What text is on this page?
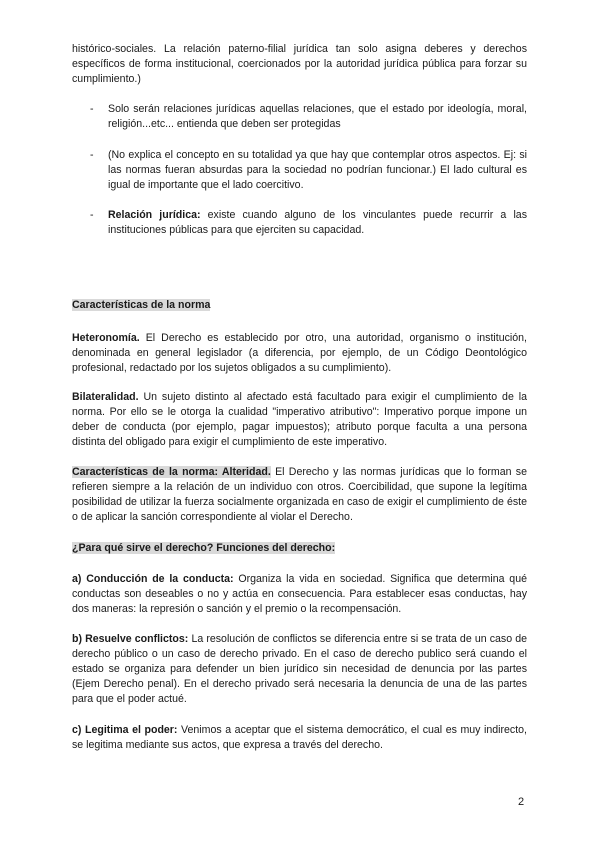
histórico-sociales. La relación paterno-filial jurídica tan solo asigna deberes y derechos específicos de forma institucional, coercionados por la autoridad jurídica pública para forzar su cumplimiento.)

-	Solo serán relaciones jurídicas aquellas relaciones, que el estado por ideología, moral, religión...etc... entienda que deben ser protegidas

-	(No explica el concepto en su totalidad ya que hay que contemplar otros aspectos. Ej: si las normas fueran absurdas para la sociedad no podrían funcionar.) El lado cultural es igual de importante que el lado coercitivo.

-	Relación jurídica: existe cuando alguno de los vinculantes puede recurrir a las instituciones públicas para que ejerciten su capacidad.

Características de la norma

Heteronomía. El Derecho es establecido por otro, una autoridad, organismo o institución, denominada en general legislador (a diferencia, por ejemplo, de un Código Deontológico profesional, redactado por los sujetos obligados a su cumplimiento).

Bilateralidad. Un sujeto distinto al afectado está facultado para exigir el cumplimiento de la norma. Por ello se le otorga la cualidad "imperativo atributivo": Imperativo porque impone un deber de conducta (por ejemplo, pagar impuestos); atributo porque faculta a una persona distinta del obligado para exigir el cumplimiento de este imperativo.

Características de la norma: Alteridad. El Derecho y las normas jurídicas que lo forman se refieren siempre a la relación de un individuo con otros. Coercibilidad, que supone la legítima posibilidad de utilizar la fuerza socialmente organizada en caso de exigir el cumplimiento de éste o de aplicar la sanción correspondiente al violar el Derecho.

¿Para qué sirve el derecho? Funciones del derecho:

a) Conducción de la conducta: Organiza la vida en sociedad. Significa que determina qué conductas son deseables o no y actúa en consecuencia. Para establecer esas conductas, hay dos maneras: la represión o sanción y el premio o la recompensación.

b) Resuelve conflictos: La resolución de conflictos se diferencia entre si se trata de un caso de derecho público o un caso de derecho privado. En el caso de derecho publico será cuando el estado se organiza para defender un bien jurídico sin necesidad de denuncia por las partes (Ejem Derecho penal). En el derecho privado será necesaria la denuncia de una de las partes para que el poder actué.

c) Legitima el poder: Venimos a aceptar que el sistema democrático, el cual es muy indirecto, se legitima mediante sus actos, que expresa a través del derecho.

2
